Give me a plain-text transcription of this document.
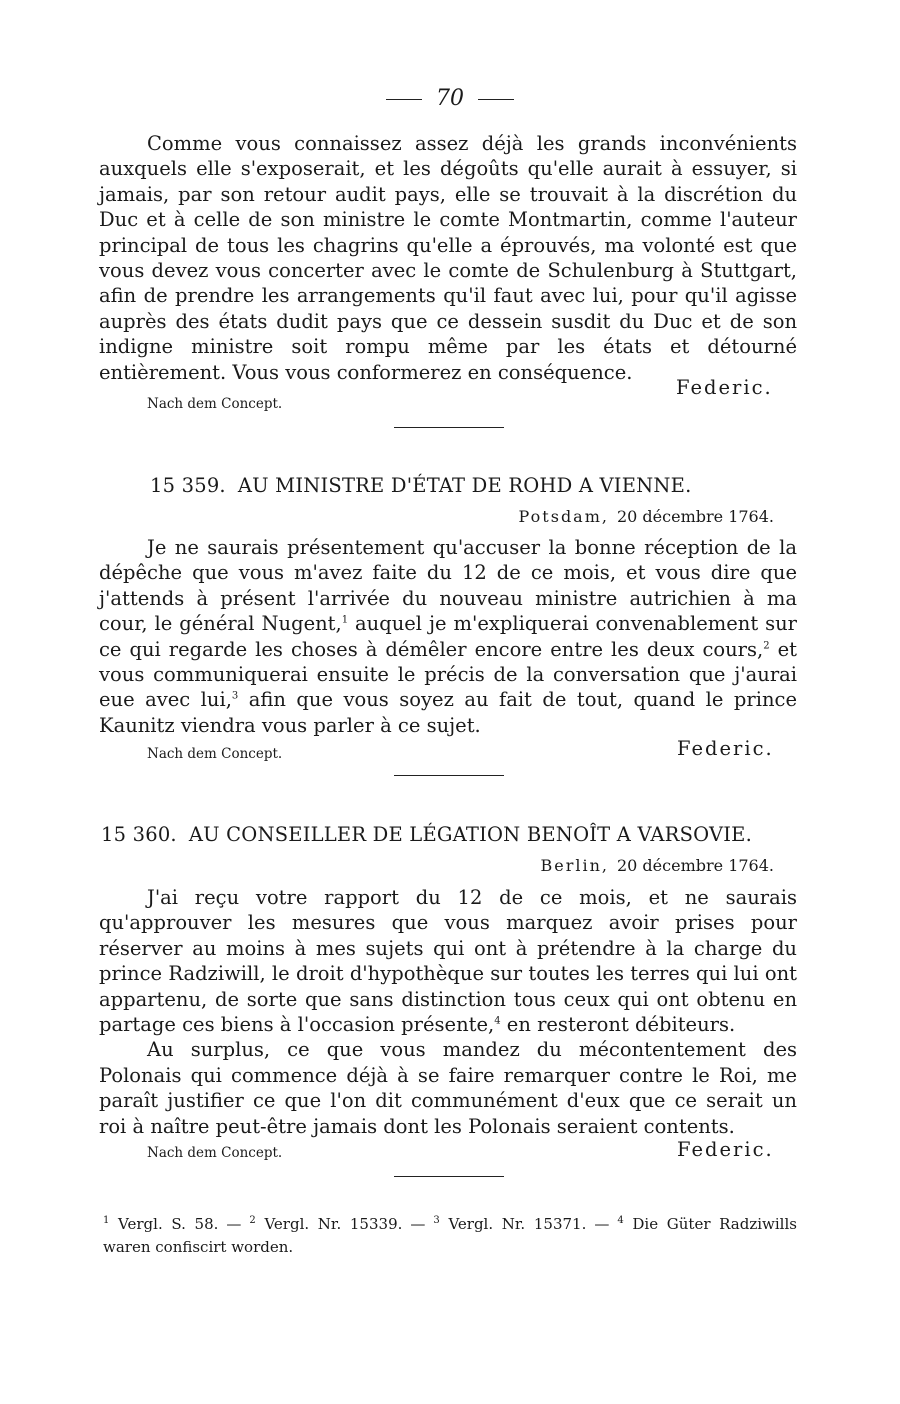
70

Comme vous connaissez assez déjà les grands inconvénients auxquels elle s'exposerait, et les dégoûts qu'elle aurait à essuyer, si jamais, par son retour audit pays, elle se trouvait à la discrétion du Duc et à celle de son ministre le comte Montmartin, comme l'auteur principal de tous les chagrins qu'elle a éprouvés, ma volonté est que vous devez vous concerter avec le comte de Schulenburg à Stuttgart, afin de prendre les arrangements qu'il faut avec lui, pour qu'il agisse auprès des états dudit pays que ce dessein susdit du Duc et de son indigne ministre soit rompu même par les états et détourné entièrement. Vous vous conformerez en conséquence.

Nach dem Concept.
Federic.
15 359. AU MINISTRE D'ÉTAT DE ROHD A VIENNE.
Potsdam, 20 décembre 1764.

Je ne saurais présentement qu'accuser la bonne réception de la dépêche que vous m'avez faite du 12 de ce mois, et vous dire que j'attends à présent l'arrivée du nouveau ministre autrichien à ma cour, le général Nugent,$^1$ auquel je m'expliquerai convenablement sur ce qui regarde les choses à démêler encore entre les deux cours,$^2$ et vous communiquerai ensuite le précis de la conversation que j'aurai eue avec lui,$^3$ afin que vous soyez au fait de tout, quand le prince Kaunitz viendra vous parler à ce sujet.

Nach dem Concept.	Federic.
15 360. AU CONSEILLER DE LÉGATION BENOÎT A VARSOVIE.
Berlin, 20 décembre 1764.

J'ai reçu votre rapport du 12 de ce mois, et ne saurais qu'approuver les mesures que vous marquez avoir prises pour réserver au moins à mes sujets qui ont à prétendre à la charge du prince Radziwill, le droit d'hypothèque sur toutes les terres qui lui ont appartenu, de sorte que sans distinction tous ceux qui ont obtenu en partage ces biens à l'occasion présente,$^4$ en resteront débiteurs.

Au surplus, ce que vous mandez du mécontentement des Polonais qui commence déjà à se faire remarquer contre le Roi, me paraît justifier ce que l'on dit communément d'eux que ce serait un roi à naître peut-être jamais dont les Polonais seraient contents.

Nach dem Concept.	Federic.
$^1$ Vergl. S. 58. — $^2$ Vergl. Nr. 15339. — $^3$ Vergl. Nr. 15371. — $^4$ Die Güter Radziwills waren confiscirt worden.
